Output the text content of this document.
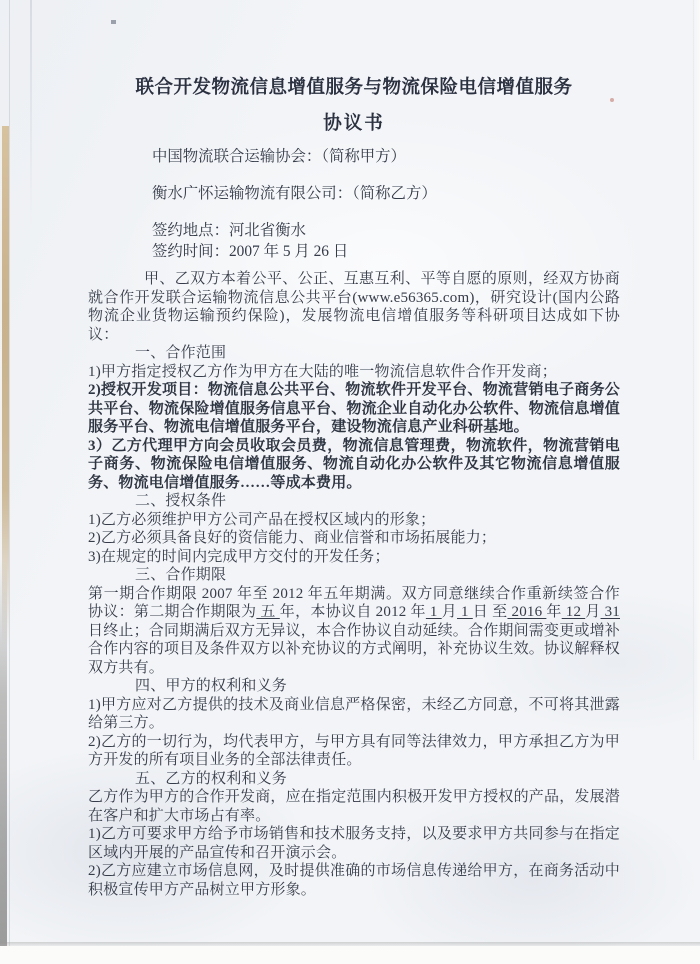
联合开发物流信息增值服务与物流保险电信增值服务
协议书

中国物流联合运输协会：（简称甲方）

衡水广怀运输物流有限公司：（简称乙方）

签约地点：河北省衡水

签约时间：2007 年 5 月 26 日

甲、乙双方本着公平、公正、互惠互利、平等自愿的原则，经双方协商就合作开发联合运输物流信息公共平台(www.e56365.com)，研究设计(国内公路物流企业货物运输预约保险)，发展物流电信增值服务等科研项目达成如下协议：

一、合作范围

1)甲方指定授权乙方作为甲方在大陆的唯一物流信息软件合作开发商；

2)授权开发项目：物流信息公共平台、物流软件开发平台、物流营销电子商务公共平台、物流保险增值服务信息平台、物流企业自动化办公软件、物流信息增值服务平台、物流电信增值服务平台，建设物流信息产业科研基地。

3）乙方代理甲方向会员收取会员费，物流信息管理费，物流软件，物流营销电子商务、物流保险电信增值服务、物流自动化办公软件及其它物流信息增值服务、物流电信增值服务……等成本费用。

二、授权条件

1)乙方必须维护甲方公司产品在授权区域内的形象；

2)乙方必须具备良好的资信能力、商业信誉和市场拓展能力；

3)在规定的时间内完成甲方交付的开发任务；

三、合作期限

第一期合作期限 2007 年至 2012 年五年期满。双方同意继续合作重新续签合作协议：第二期合作期限为 五 年，本协议自 2012 年 1 月 1 日 至 2016 年 12 月 31 日终止；合同期满后双方无异议，本合作协议自动延续。合作期间需变更或增补合作内容的项目及条件双方以补充协议的方式阐明，补充协议生效。协议解释权双方共有。

四、甲方的权利和义务

1)甲方应对乙方提供的技术及商业信息严格保密，未经乙方同意，不可将其泄露给第三方。

2)乙方的一切行为，均代表甲方，与甲方具有同等法律效力，甲方承担乙方为甲方开发的所有项目业务的全部法律责任。

五、乙方的权利和义务

乙方作为甲方的合作开发商，应在指定范围内积极开发甲方授权的产品，发展潜在客户和扩大市场占有率。

1)乙方可要求甲方给予市场销售和技术服务支持，以及要求甲方共同参与在指定区域内开展的产品宣传和召开演示会。

2)乙方应建立市场信息网，及时提供准确的市场信息传递给甲方，在商务活动中积极宣传甲方产品树立甲方形象。
